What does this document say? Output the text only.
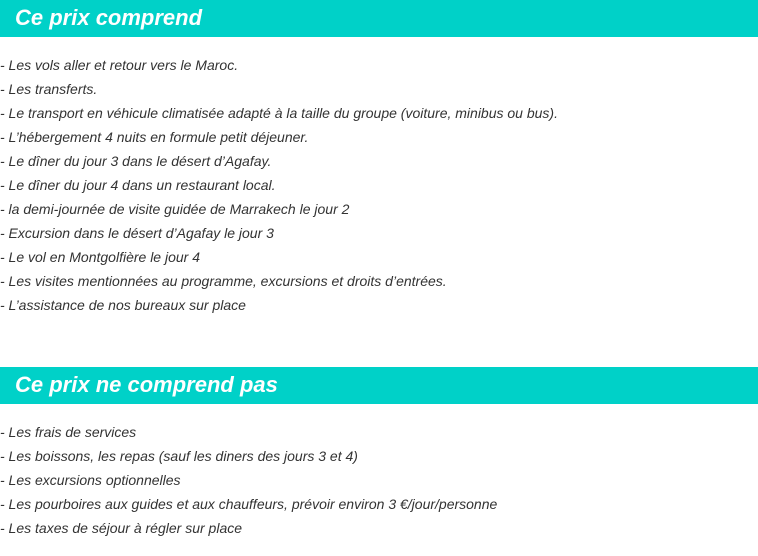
Ce prix comprend
- Les vols aller et retour vers le Maroc.
- Les transferts.
- Le transport en véhicule climatisée adapté à la taille du groupe (voiture, minibus ou bus).
- L’hébergement 4 nuits en formule petit déjeuner.
- Le dîner du jour 3 dans le désert d’Agafay.
- Le dîner du jour 4 dans un restaurant local.
- la demi-journée de visite guidée de Marrakech le jour 2
- Excursion dans le désert d’Agafay le jour 3
- Le vol en Montgolfière le jour 4
- Les visites mentionnées au programme, excursions et droits d’entrées.
- L’assistance de nos bureaux sur place
Ce prix ne comprend pas
- Les frais de services
- Les boissons, les repas (sauf les diners des jours 3 et 4)
- Les excursions optionnelles
- Les pourboires aux guides et aux chauffeurs, prévoir environ 3 €/jour/personne
- Les taxes de séjour à régler sur place
